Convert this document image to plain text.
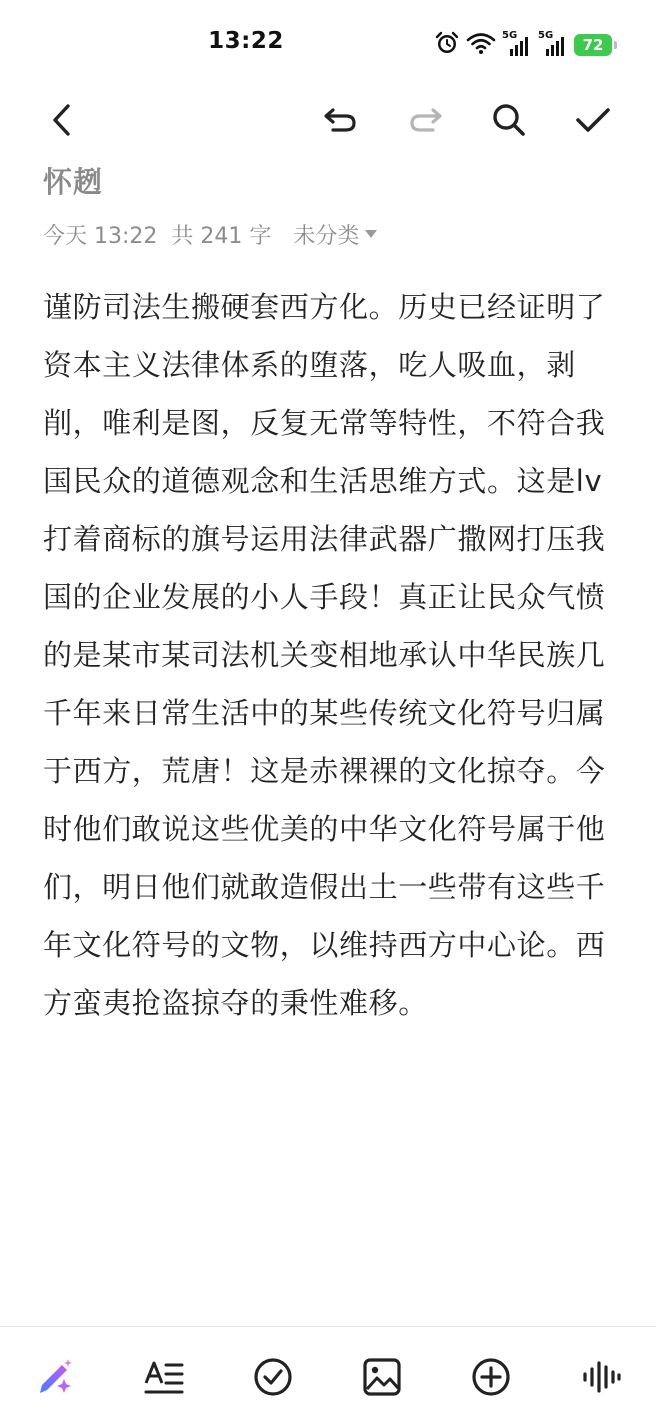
13:22	5G 5G
72
怀趔
今天 13:22 共 241 字 未分类
谨防司法生搬硬套西方化。历史已经证明了资本主义法律体系的堕落，吃人吸血，剥削，唯利是图，反复无常等特性，不符合我国民众的道德观念和生活思维方式。这是lv打着商标的旗号运用法律武器广撒网打压我国的企业发展的小人手段！真正让民众气愤的是某市某司法机关变相地承认中华民族几千年来日常生活中的某些传统文化符号归属于西方，荒唐！这是赤裸裸的文化掠夺。今时他们敢说这些优美的中华文化符号属于他们，明日他们就敢造假出土一些带有这些千年文化符号的文物，以维持西方中心论。西方蛮夷抢盗掠夺的秉性难移。
